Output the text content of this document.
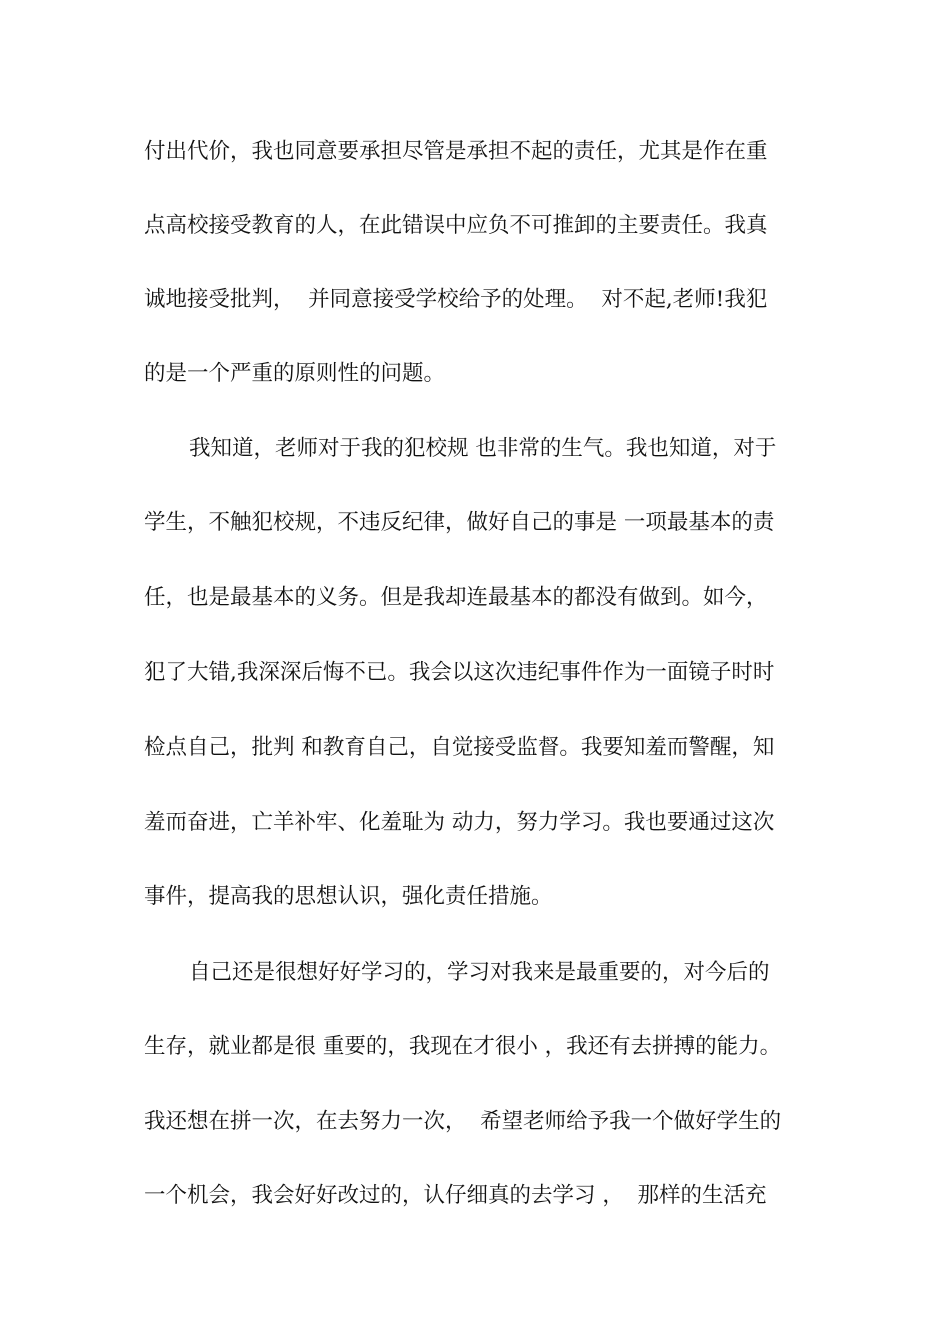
付出代价，我也同意要承担尽管是承担不起的责任，尤其是作在重
点高校接受教育的人，在此错误中应负不可推卸的主要责任。我真
诚地接受批判，  并同意接受学校给予的处理。  对不起,老师!我犯
的是一个严重的原则性的问题。
我知道，老师对于我的犯校规 也非常的生气。我也知道，对于
学生，不触犯校规，不违反纪律，做好自己的事是 一项最基本的责
任，也是最基本的义务。但是我却连最基本的都没有做到。如今，
犯了大错,我深深后悔不已。我会以这次违纪事件作为一面镜子时时
检点自己，批判 和教育自己，自觉接受监督。我要知羞而警醒，知
羞而奋进，亡羊补牢、化羞耻为 动力，努力学习。我也要通过这次
事件，提高我的思想认识，强化责任措施。
自己还是很想好好学习的，学习对我来是最重要的，对今后的
生存，就业都是很 重要的，我现在才很小 ，我还有去拼搏的能力。
我还想在拼一次，在去努力一次，  希望老师给予我一个做好学生的
一个机会，我会好好改过的，认仔细真的去学习 ，  那样的生活充
